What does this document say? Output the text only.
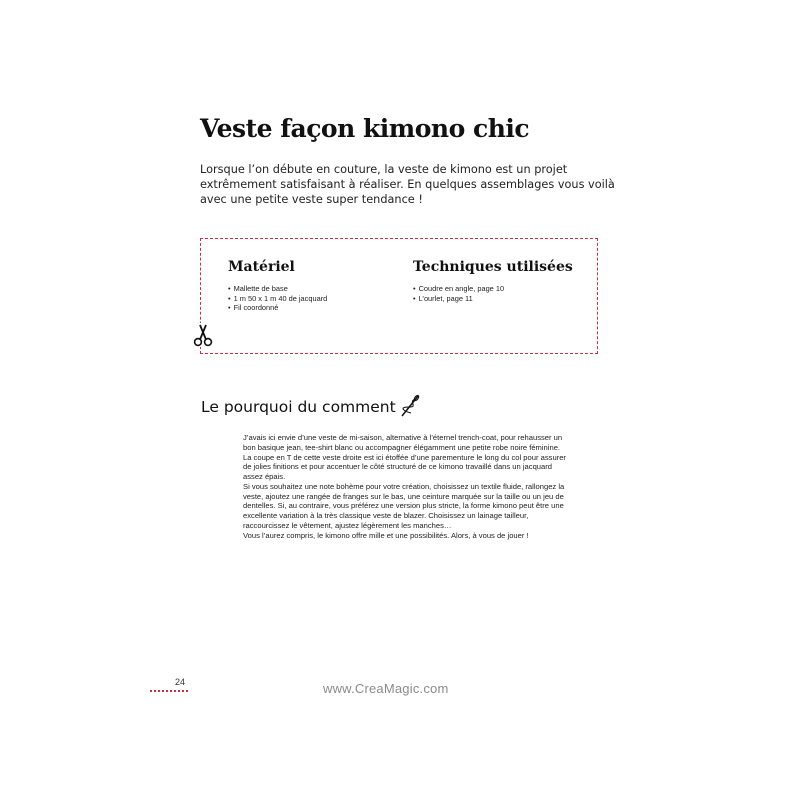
Veste façon kimono chic
Lorsque l’on débute en couture, la veste de kimono est un projet extrêmement satisfaisant à réaliser. En quelques assemblages vous voilà avec une petite veste super tendance !
Matériel
• Mallette de base
• 1 m 50 x 1 m 40 de jacquard
• Fil coordonné
Techniques utilisées
• Coudre en angle, page 10
• L’ourlet, page 11
Le pourquoi du comment

J’avais ici envie d’une veste de mi-saison, alternative à l’éternel trench-coat, pour rehausser un bon basique jean, tee-shirt blanc ou accompagner élégamment une petite robe noire féminine.

La coupe en T de cette veste droite est ici étoffée d’une parementure le long du col pour assurer de jolies finitions et pour accentuer le côté structuré de ce kimono travaillé dans un jacquard assez épais.

Si vous souhaitez une note bohème pour votre création, choisissez un textile fluide, rallongez la veste, ajoutez une rangée de franges sur le bas, une ceinture marquée sur la taille ou un jeu de dentelles. Si, au contraire, vous préférez une version plus stricte, la forme kimono peut être une excellente variation à la très classique veste de blazer. Choisissez un lainage tailleur, raccourcissez le vêtement, ajustez légèrement les manches…

Vous l’aurez compris, le kimono offre mille et une possibilités. Alors, à vous de jouer !

24	www.CreaMagic.com
